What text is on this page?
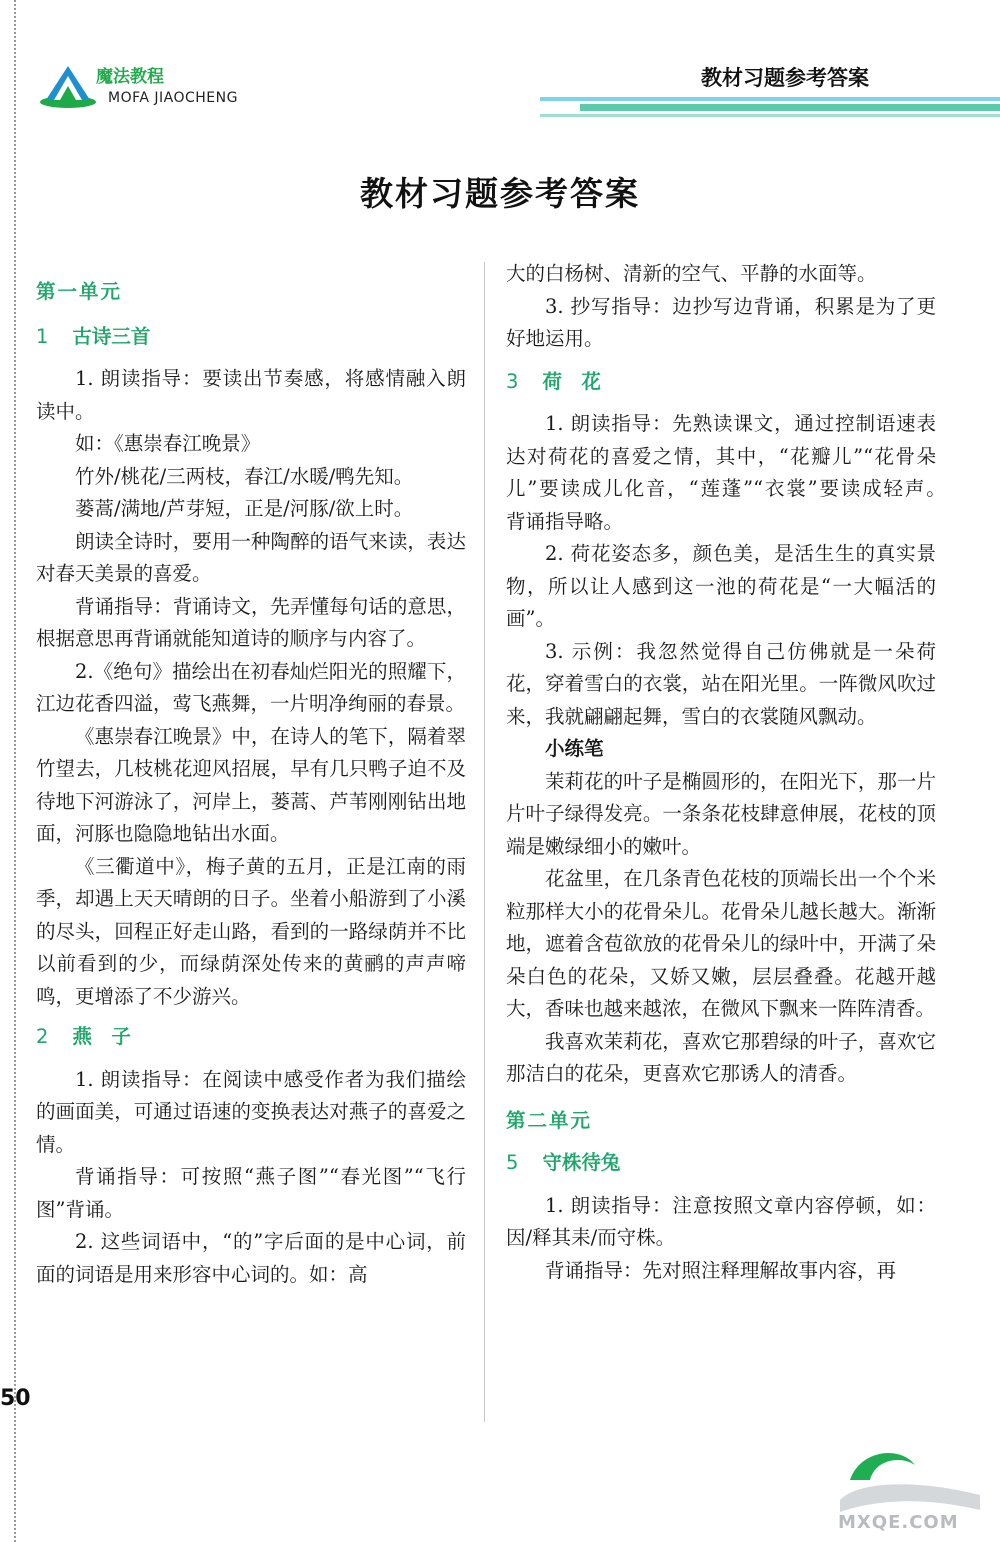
魔法教程
MOFA JIAOCHENG
教材习题参考答案
教材习题参考答案

第一单元

1 古诗三首

1. 朗读指导：要读出节奏感，将感情融入朗读中。

如：《惠崇春江晚景》

竹外/桃花/三两枝，春江/水暖/鸭先知。

蒌蒿/满地/芦芽短，正是/河豚/欲上时。

朗读全诗时，要用一种陶醉的语气来读，表达对春天美景的喜爱。

背诵指导：背诵诗文，先弄懂每句话的意思，根据意思再背诵就能知道诗的顺序与内容了。

2.《绝句》描绘出在初春灿烂阳光的照耀下，江边花香四溢，莺飞燕舞，一片明净绚丽的春景。

《惠崇春江晚景》中，在诗人的笔下，隔着翠竹望去，几枝桃花迎风招展，早有几只鸭子迫不及待地下河游泳了，河岸上，蒌蒿、芦苇刚刚钻出地面，河豚也隐隐地钻出水面。

《三衢道中》，梅子黄的五月，正是江南的雨季，却遇上天天晴朗的日子。坐着小船游到了小溪的尽头，回程正好走山路，看到的一路绿荫并不比以前看到的少，而绿荫深处传来的黄鹂的声声啼鸣，更增添了不少游兴。

2 燕　子

1. 朗读指导：在阅读中感受作者为我们描绘的画面美，可通过语速的变换表达对燕子的喜爱之情。

背诵指导：可按照“燕子图”“春光图”“飞行图”背诵。

2. 这些词语中，“的”字后面的是中心词，前面的词语是用来形容中心词的。如：高

大的白杨树、清新的空气、平静的水面等。

3. 抄写指导：边抄写边背诵，积累是为了更好地运用。

3 荷　花

1. 朗读指导：先熟读课文，通过控制语速表达对荷花的喜爱之情，其中，“花瓣儿”“花骨朵儿”要读成儿化音，“莲蓬”“衣裳”要读成轻声。　背诵指导略。

2. 荷花姿态多，颜色美，是活生生的真实景物，所以让人感到这一池的荷花是“一大幅活的画”。

3. 示例：我忽然觉得自己仿佛就是一朵荷花，穿着雪白的衣裳，站在阳光里。一阵微风吹过来，我就翩翩起舞，雪白的衣裳随风飘动。

小练笔

茉莉花的叶子是椭圆形的，在阳光下，那一片片叶子绿得发亮。一条条花枝肆意伸展，花枝的顶端是嫩绿细小的嫩叶。

花盆里，在几条青色花枝的顶端长出一个个米粒那样大小的花骨朵儿。花骨朵儿越长越大。渐渐地，遮着含苞欲放的花骨朵儿的绿叶中，开满了朵朵白色的花朵，又娇又嫩，层层叠叠。花越开越大，香味也越来越浓，在微风下飘来一阵阵清香。

我喜欢茉莉花，喜欢它那碧绿的叶子，喜欢它那洁白的花朵，更喜欢它那诱人的清香。

第二单元

5 守株待兔

1. 朗读指导：注意按照文章内容停顿，如：因/释其耒/而守株。

背诵指导：先对照注释理解故事内容，再

50
MXQE.COM
